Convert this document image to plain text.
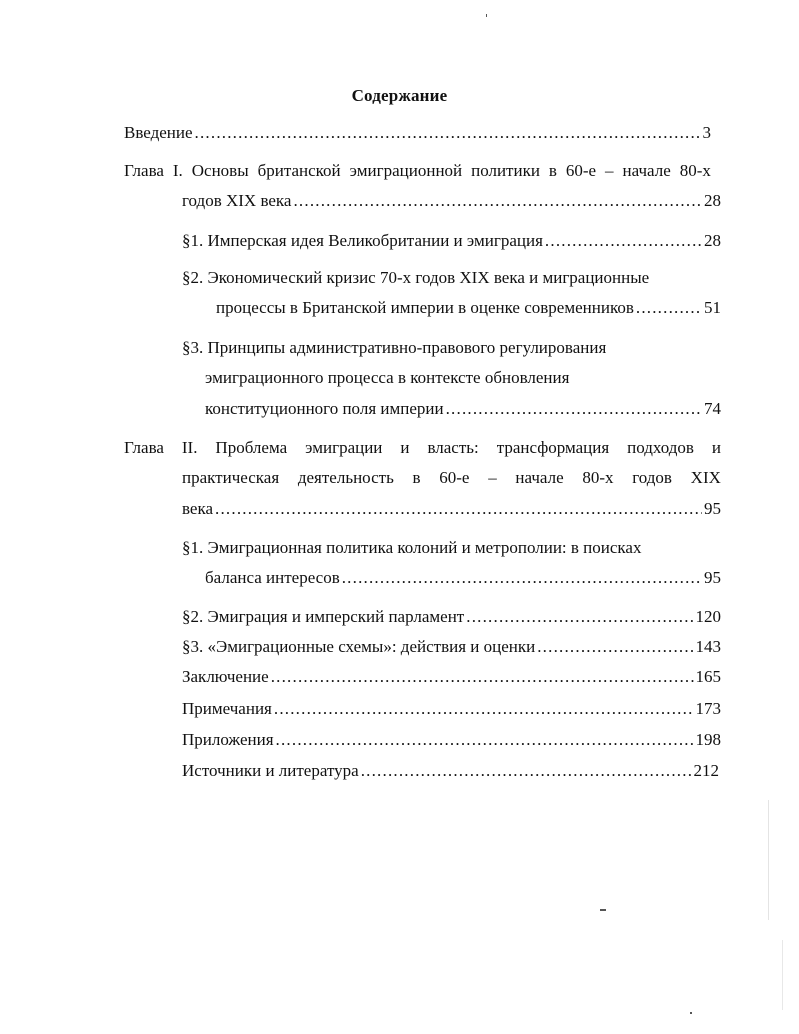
Содержание
Введение .....	3
Глава I. Основы британской эмиграционной политики в 60-е – начале 80-х
годов XIX века .....	28
§1. Имперская идея Великобритании и эмиграция .....	28
§2. Экономический кризис 70-х годов XIX века и миграционные
процессы в Британской империи в оценке современников .....	51
§3. Принципы административно-правового регулирования
эмиграционного процесса в контексте обновления
конституционного поля империи .....	74
Глава II. Проблема эмиграции и власть: трансформация подходов и
практическая деятельность в 60-е – начале 80-х годов XIX
века .....	95
§1. Эмиграционная политика колоний и метрополии: в поисках
баланса интересов .....	95
§2. Эмиграция и имперский парламент .....	120
§3. «Эмиграционные схемы»: действия и оценки .....	143
Заключение .....	165
Примечания .....	173
Приложения .....	198
Источники и литература .....	212
